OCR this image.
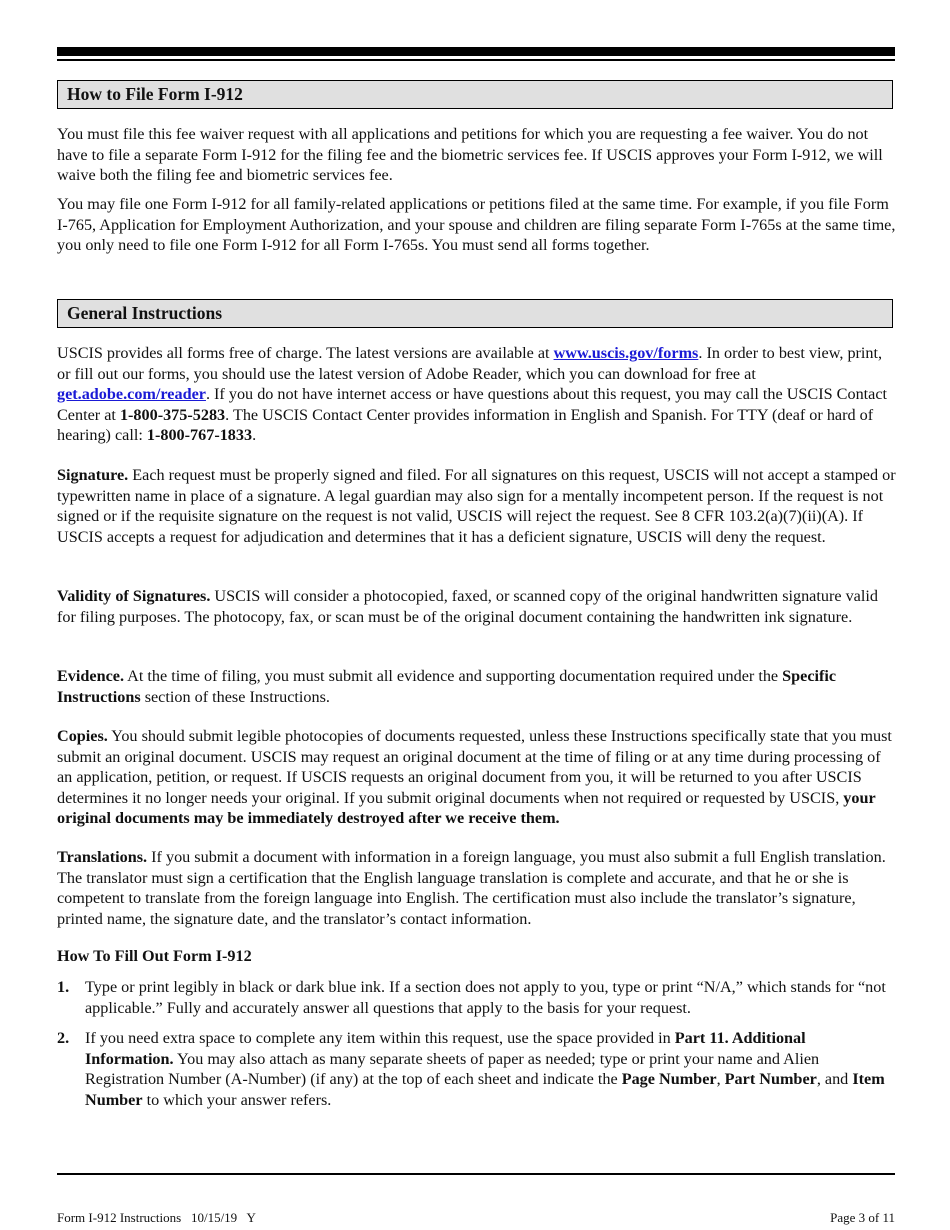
How to File Form I-912

You must file this fee waiver request with all applications and petitions for which you are requesting a fee waiver. You do not have to file a separate Form I-912 for the filing fee and the biometric services fee. If USCIS approves your Form I-912, we will waive both the filing fee and biometric services fee.

You may file one Form I-912 for all family-related applications or petitions filed at the same time. For example, if you file Form I-765, Application for Employment Authorization, and your spouse and children are filing separate Form I-765s at the same time, you only need to file one Form I-912 for all Form I-765s. You must send all forms together.

General Instructions

USCIS provides all forms free of charge. The latest versions are available at www.uscis.gov/forms. In order to best view, print, or fill out our forms, you should use the latest version of Adobe Reader, which you can download for free at get.adobe.com/reader. If you do not have internet access or have questions about this request, you may call the USCIS Contact Center at 1-800-375-5283. The USCIS Contact Center provides information in English and Spanish. For TTY (deaf or hard of hearing) call: 1-800-767-1833.

Signature. Each request must be properly signed and filed. For all signatures on this request, USCIS will not accept a stamped or typewritten name in place of a signature. A legal guardian may also sign for a mentally incompetent person. If the request is not signed or if the requisite signature on the request is not valid, USCIS will reject the request. See 8 CFR 103.2(a)(7)(ii)(A). If USCIS accepts a request for adjudication and determines that it has a deficient signature, USCIS will deny the request.

Validity of Signatures. USCIS will consider a photocopied, faxed, or scanned copy of the original handwritten signature valid for filing purposes. The photocopy, fax, or scan must be of the original document containing the handwritten ink signature.

Evidence. At the time of filing, you must submit all evidence and supporting documentation required under the Specific Instructions section of these Instructions.

Copies. You should submit legible photocopies of documents requested, unless these Instructions specifically state that you must submit an original document. USCIS may request an original document at the time of filing or at any time during processing of an application, petition, or request. If USCIS requests an original document from you, it will be returned to you after USCIS determines it no longer needs your original. If you submit original documents when not required or requested by USCIS, your original documents may be immediately destroyed after we receive them.

Translations. If you submit a document with information in a foreign language, you must also submit a full English translation. The translator must sign a certification that the English language translation is complete and accurate, and that he or she is competent to translate from the foreign language into English. The certification must also include the translator’s signature, printed name, the signature date, and the translator’s contact information.

How To Fill Out Form I-912
1. Type or print legibly in black or dark blue ink. If a section does not apply to you, type or print “N/A,” which stands for “not applicable.” Fully and accurately answer all questions that apply to the basis for your request.
2. If you need extra space to complete any item within this request, use the space provided in Part 11. Additional Information. You may also attach as many separate sheets of paper as needed; type or print your name and Alien Registration Number (A-Number) (if any) at the top of each sheet and indicate the Page Number, Part Number, and Item Number to which your answer refers.
Form I-912 Instructions   10/15/19   Y	Page 3 of 11
